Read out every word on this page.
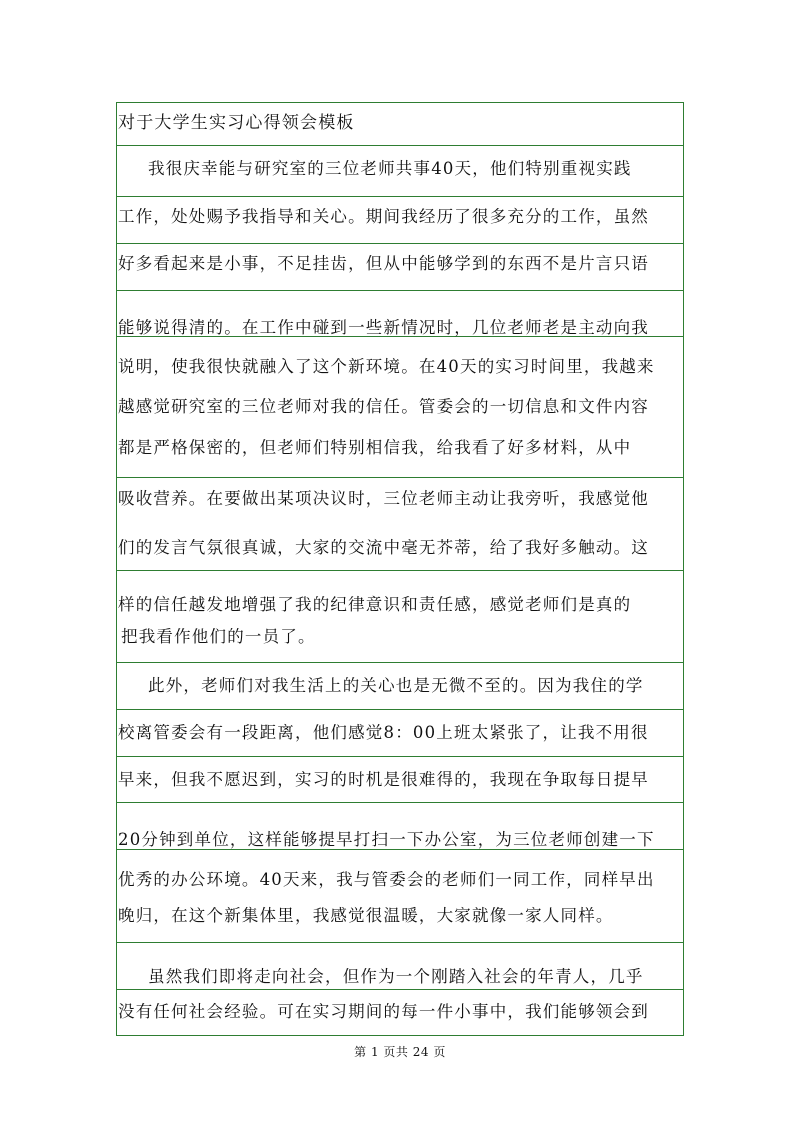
对于大学生实习心得领会模板
我很庆幸能与研究室的三位老师共事40天，他们特别重视实践
工作，处处赐予我指导和关心。期间我经历了很多充分的工作，虽然
好多看起来是小事，不足挂齿，但从中能够学到的东西不是片言只语
能够说得清的。在工作中碰到一些新情况时，几位老师老是主动向我
说明，使我很快就融入了这个新环境。在40天的实习时间里，我越来
越感觉研究室的三位老师对我的信任。管委会的一切信息和文件内容
都是严格保密的，但老师们特别相信我，给我看了好多材料，从中
吸收营养。在要做出某项决议时，三位老师主动让我旁听，我感觉他
们的发言气氛很真诚，大家的交流中毫无芥蒂，给了我好多触动。这
样的信任越发地增强了我的纪律意识和责任感，感觉老师们是真的
把我看作他们的一员了。
此外，老师们对我生活上的关心也是无微不至的。因为我住的学
校离管委会有一段距离，他们感觉8：00上班太紧张了，让我不用很
早来，但我不愿迟到，实习的时机是很难得的，我现在争取每日提早
20分钟到单位，这样能够提早打扫一下办公室，为三位老师创建一下
优秀的办公环境。40天来，我与管委会的老师们一同工作，同样早出
晚归，在这个新集体里，我感觉很温暖，大家就像一家人同样。
虽然我们即将走向社会，但作为一个刚踏入社会的年青人，几乎
没有任何社会经验。可在实习期间的每一件小事中，我们能够领会到
第 1 页共 24 页
